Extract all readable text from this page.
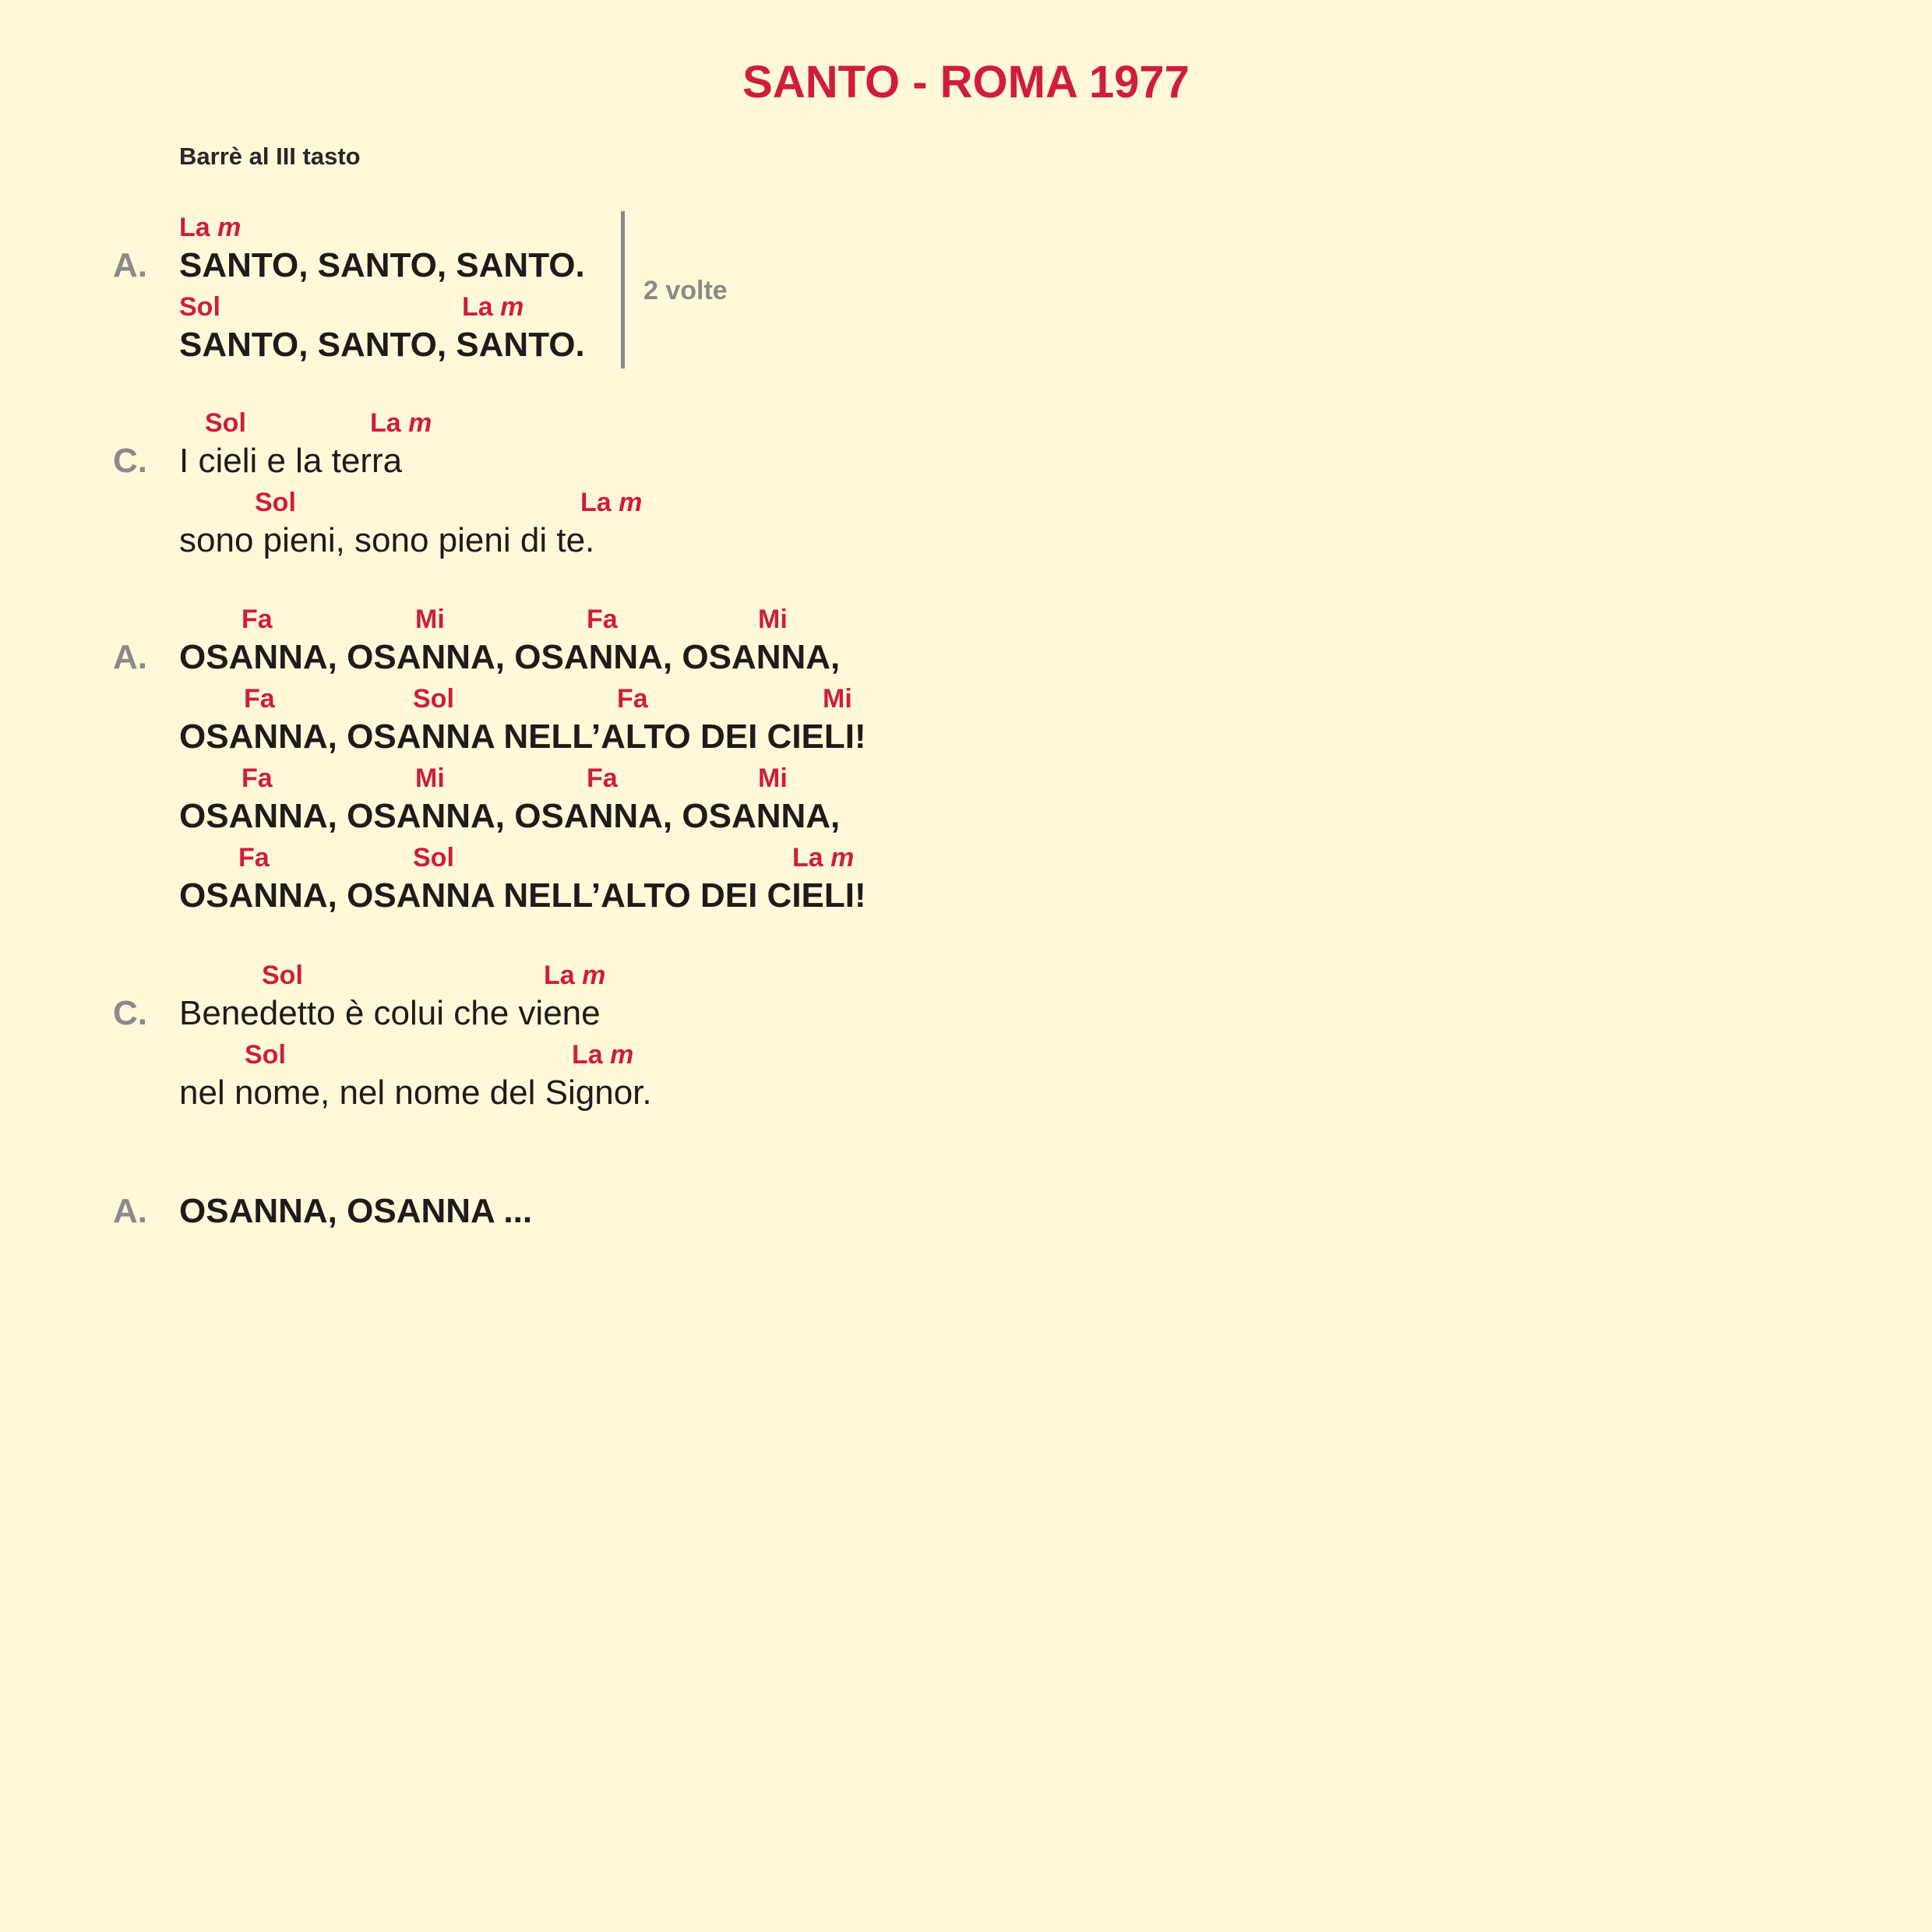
SANTO - ROMA 1977
Barrè al III tasto
2 volte
A.
La m
SANTO, SANTO, SANTO.
Sol	La m
SANTO, SANTO, SANTO.
C.
Sol	La m
I cieli e la terra
Sol	La m
sono pieni, sono pieni di te.
A.
Fa	Mi	Fa	Mi
OSANNA, OSANNA, OSANNA, OSANNA,
Fa	Sol	Fa	Mi
OSANNA, OSANNA NELL’ALTO DEI CIELI!
Fa	Mi	Fa	Mi
OSANNA, OSANNA, OSANNA, OSANNA,
Fa	Sol	La m
OSANNA, OSANNA NELL’ALTO DEI CIELI!
C.
Sol	La m
Benedetto è colui che viene
Sol	La m
nel nome, nel nome del Signor.
A. OSANNA, OSANNA ...
